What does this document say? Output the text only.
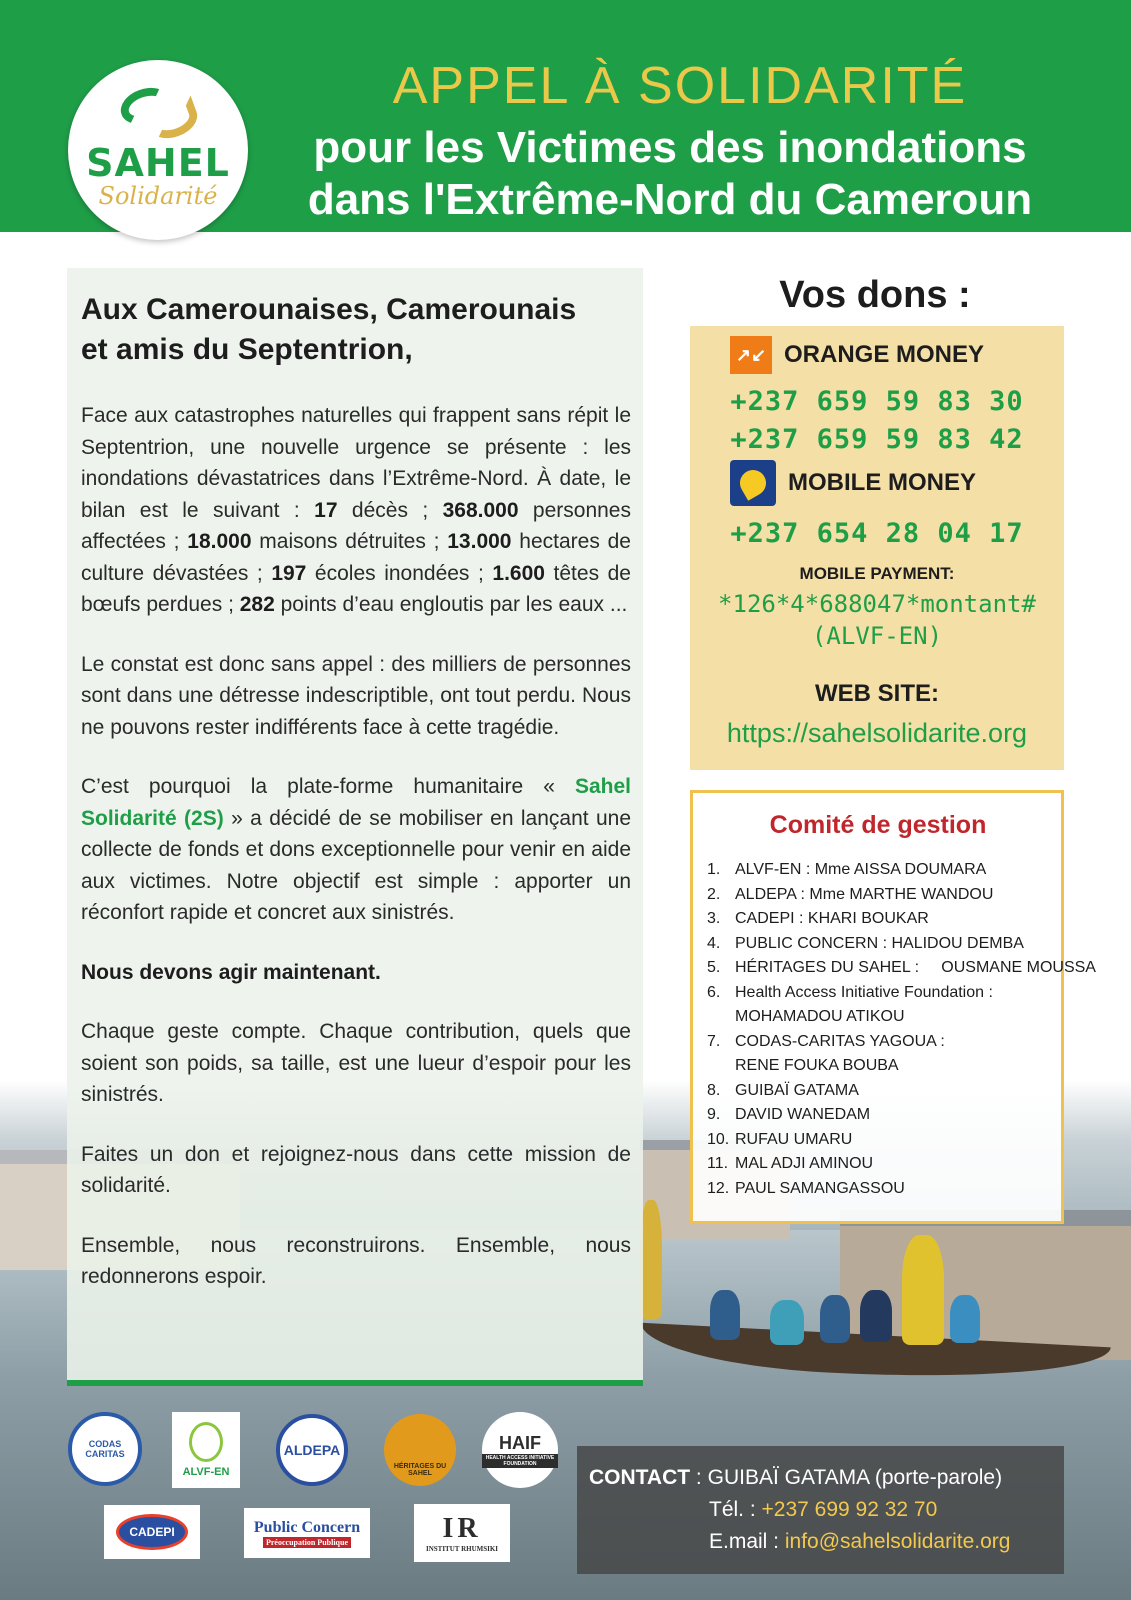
APPEL À SOLIDARITÉ
pour les Victimes des inondations
dans l'Extrême-Nord du Cameroun
SAHEL
Solidarité
Aux Camerounaises, Camerounais
et amis du Septentrion,

Face aux catastrophes naturelles qui frappent sans répit le Septentrion, une nouvelle urgence se présente : les inondations dévastatrices dans l’Extrême-Nord. À date, le bilan est le suivant : 17 décès ; 368.000 personnes affectées ; 18.000 maisons détruites ; 13.000 hectares de culture dévastées ; 197 écoles inondées ; 1.600 têtes de bœufs perdues ; 282 points d’eau engloutis par les eaux ...

Le constat est donc sans appel : des milliers de personnes sont dans une détresse indescriptible, ont tout perdu. Nous ne pouvons rester indifférents face à cette tragédie.

C’est pourquoi la plate-forme humanitaire « Sahel Solidarité (2S) » a décidé de se mobiliser en lançant une collecte de fonds et dons exceptionnelle pour venir en aide aux victimes. Notre objectif est simple : apporter un réconfort rapide et concret aux sinistrés.

Nous devons agir maintenant.

Chaque geste compte. Chaque contribution, quels que soient son poids, sa taille, est une lueur d’espoir pour les sinistrés.

Faites un don et rejoignez-nous dans cette mission de solidarité.

Ensemble, nous reconstruirons. Ensemble, nous redonnerons espoir.

Vos dons :
↗↙ ORANGE MONEY
+237 659 59 83 30
+237 659 59 83 42
MOBILE MONEY
+237 654 28 04 17
MOBILE PAYMENT:
*126*4*688047*montant#
(ALVF-EN)
WEB SITE:
https://sahelsolidarite.org
Comité de gestion
1. ALVF-EN : Mme AISSA DOUMARA
2. ALDEPA : Mme MARTHE WANDOU
3. CADEPI : KHARI BOUKAR
4. PUBLIC CONCERN : HALIDOU DEMBA
5. HÉRITAGES DU SAHEL :     OUSMANE MOUSSA
6. Health Access Initiative Foundation :
MOHAMADOU ATIKOU
7. CODAS-CARITAS YAGOUA :
RENE FOUKA BOUBA
8. GUIBAÏ GATAMA
9. DAVID WANEDAM
10. RUFAU UMARU
11. MAL ADJI AMINOU
12. PAUL SAMANGASSOU
CODAS CARITAS
ALVF-EN
ALDEPA
HÉRITAGES DU SAHEL
HAIF
HEALTH ACCESS INITIATIVE FOUNDATION
CADEPI	Public Concern
Préoccupation Publique	IR
INSTITUT RHUMSIKI
CONTACT : GUIBAÏ GATAMA (porte-parole)
Tél. : +237 699 92 32 70
E.mail : info@sahelsolidarite.org
